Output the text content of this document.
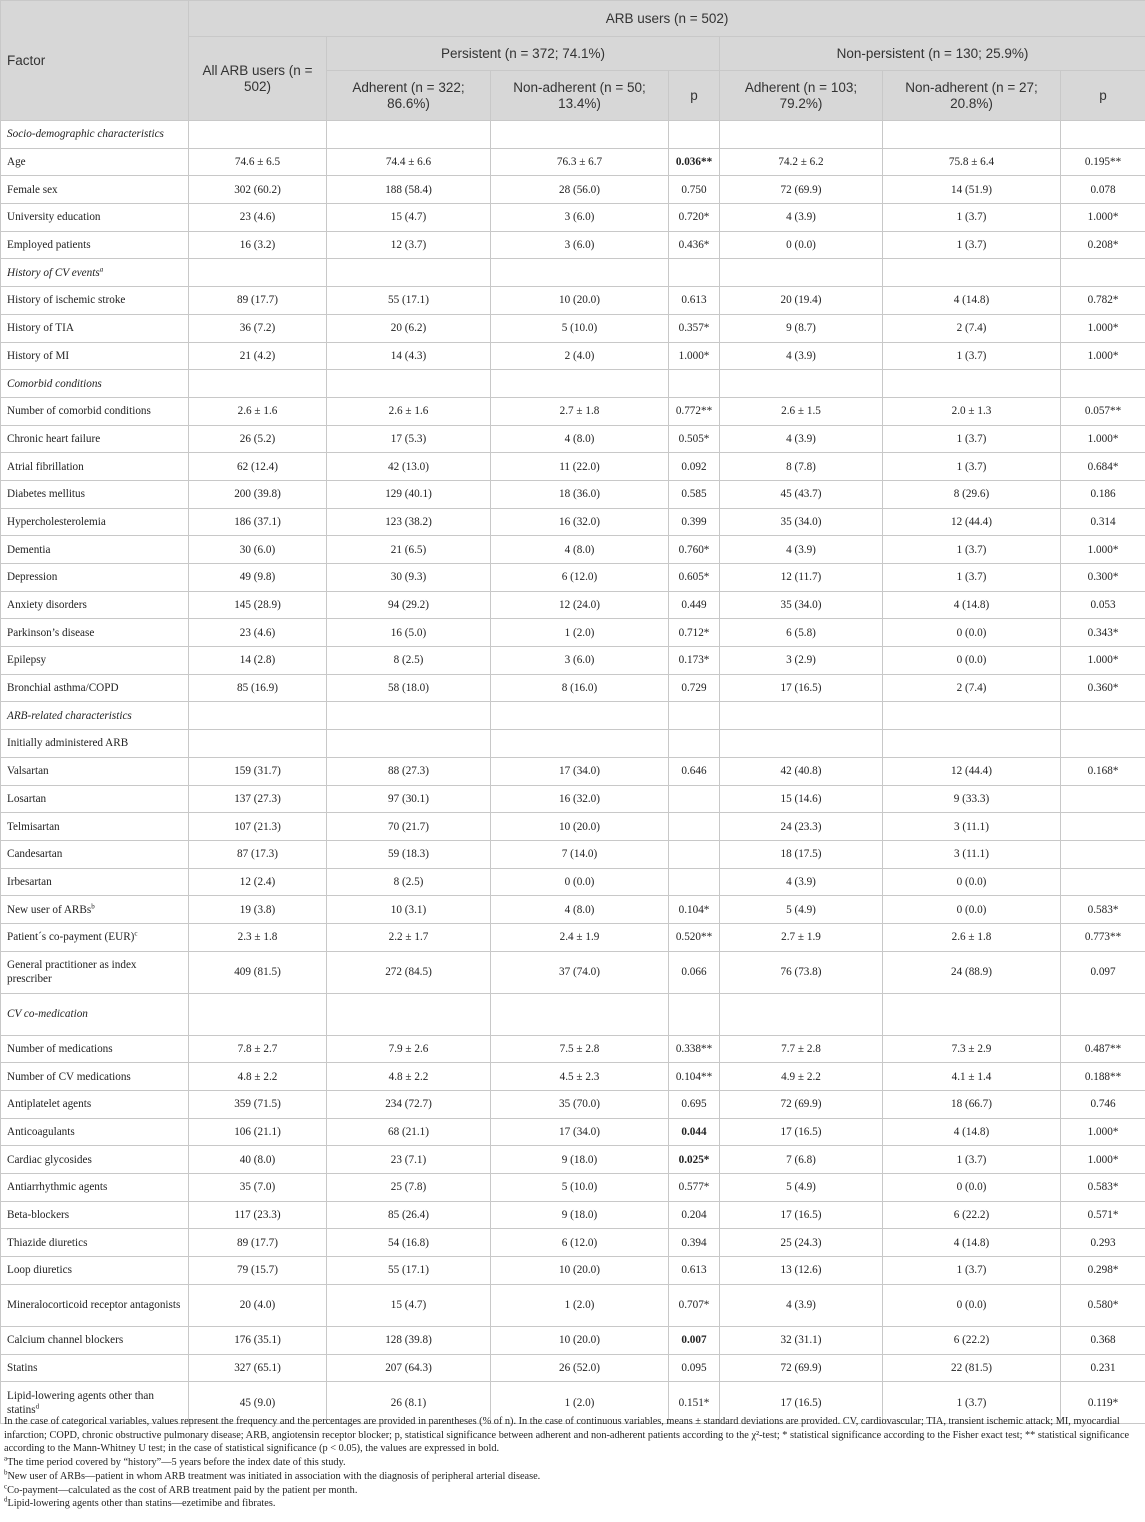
Factor	ARB users (n = 502)						
	All ARB users (n = 502)	Persistent (n = 372; 74.1%)			Non-persistent (n = 130; 25.9%)		
		Adherent (n = 322; 86.6%)	Non-adherent (n = 50; 13.4%)	p	Adherent (n = 103; 79.2%)	Non-adherent (n = 27; 20.8%)	p
Socio-demographic characteristics							
Age	74.6 ± 6.5	74.4 ± 6.6	76.3 ± 6.7	0.036**	74.2 ± 6.2	75.8 ± 6.4	0.195**
Female sex	302 (60.2)	188 (58.4)	28 (56.0)	0.750	72 (69.9)	14 (51.9)	0.078
University education	23 (4.6)	15 (4.7)	3 (6.0)	0.720*	4 (3.9)	1 (3.7)	1.000*
Employed patients	16 (3.2)	12 (3.7)	3 (6.0)	0.436*	0 (0.0)	1 (3.7)	0.208*
History of CV events$^a$							
History of ischemic stroke	89 (17.7)	55 (17.1)	10 (20.0)	0.613	20 (19.4)	4 (14.8)	0.782*
History of TIA	36 (7.2)	20 (6.2)	5 (10.0)	0.357*	9 (8.7)	2 (7.4)	1.000*
History of MI	21 (4.2)	14 (4.3)	2 (4.0)	1.000*	4 (3.9)	1 (3.7)	1.000*
Comorbid conditions							
Number of comorbid conditions	2.6 ± 1.6	2.6 ± 1.6	2.7 ± 1.8	0.772**	2.6 ± 1.5	2.0 ± 1.3	0.057**
Chronic heart failure	26 (5.2)	17 (5.3)	4 (8.0)	0.505*	4 (3.9)	1 (3.7)	1.000*
Atrial fibrillation	62 (12.4)	42 (13.0)	11 (22.0)	0.092	8 (7.8)	1 (3.7)	0.684*
Diabetes mellitus	200 (39.8)	129 (40.1)	18 (36.0)	0.585	45 (43.7)	8 (29.6)	0.186
Hypercholesterolemia	186 (37.1)	123 (38.2)	16 (32.0)	0.399	35 (34.0)	12 (44.4)	0.314
Dementia	30 (6.0)	21 (6.5)	4 (8.0)	0.760*	4 (3.9)	1 (3.7)	1.000*
Depression	49 (9.8)	30 (9.3)	6 (12.0)	0.605*	12 (11.7)	1 (3.7)	0.300*
Anxiety disorders	145 (28.9)	94 (29.2)	12 (24.0)	0.449	35 (34.0)	4 (14.8)	0.053
Parkinson’s disease	23 (4.6)	16 (5.0)	1 (2.0)	0.712*	6 (5.8)	0 (0.0)	0.343*
Epilepsy	14 (2.8)	8 (2.5)	3 (6.0)	0.173*	3 (2.9)	0 (0.0)	1.000*
Bronchial asthma/COPD	85 (16.9)	58 (18.0)	8 (16.0)	0.729	17 (16.5)	2 (7.4)	0.360*
ARB-related characteristics							
Initially administered ARB							
Valsartan	159 (31.7)	88 (27.3)	17 (34.0)	0.646	42 (40.8)	12 (44.4)	0.168*
Losartan	137 (27.3)	97 (30.1)	16 (32.0)		15 (14.6)	9 (33.3)	
Telmisartan	107 (21.3)	70 (21.7)	10 (20.0)		24 (23.3)	3 (11.1)	
Candesartan	87 (17.3)	59 (18.3)	7 (14.0)		18 (17.5)	3 (11.1)	
Irbesartan	12 (2.4)	8 (2.5)	0 (0.0)		4 (3.9)	0 (0.0)	
New user of ARBs$^b$	19 (3.8)	10 (3.1)	4 (8.0)	0.104*	5 (4.9)	0 (0.0)	0.583*
Patient´s co-payment (EUR)$^c$	2.3 ± 1.8	2.2 ± 1.7	2.4 ± 1.9	0.520**	2.7 ± 1.9	2.6 ± 1.8	0.773**
General practitioner as index prescriber	409 (81.5)	272 (84.5)	37 (74.0)	0.066	76 (73.8)	24 (88.9)	0.097
CV co-medication							
Number of medications	7.8 ± 2.7	7.9 ± 2.6	7.5 ± 2.8	0.338**	7.7 ± 2.8	7.3 ± 2.9	0.487**
Number of CV medications	4.8 ± 2.2	4.8 ± 2.2	4.5 ± 2.3	0.104**	4.9 ± 2.2	4.1 ± 1.4	0.188**
Antiplatelet agents	359 (71.5)	234 (72.7)	35 (70.0)	0.695	72 (69.9)	18 (66.7)	0.746
Anticoagulants	106 (21.1)	68 (21.1)	17 (34.0)	0.044	17 (16.5)	4 (14.8)	1.000*
Cardiac glycosides	40 (8.0)	23 (7.1)	9 (18.0)	0.025*	7 (6.8)	1 (3.7)	1.000*
Antiarrhythmic agents	35 (7.0)	25 (7.8)	5 (10.0)	0.577*	5 (4.9)	0 (0.0)	0.583*
Beta-blockers	117 (23.3)	85 (26.4)	9 (18.0)	0.204	17 (16.5)	6 (22.2)	0.571*
Thiazide diuretics	89 (17.7)	54 (16.8)	6 (12.0)	0.394	25 (24.3)	4 (14.8)	0.293
Loop diuretics	79 (15.7)	55 (17.1)	10 (20.0)	0.613	13 (12.6)	1 (3.7)	0.298*
Mineralocorticoid receptor antagonists	20 (4.0)	15 (4.7)	1 (2.0)	0.707*	4 (3.9)	0 (0.0)	0.580*
Calcium channel blockers	176 (35.1)	128 (39.8)	10 (20.0)	0.007	32 (31.1)	6 (22.2)	0.368
Statins	327 (65.1)	207 (64.3)	26 (52.0)	0.095	72 (69.9)	22 (81.5)	0.231
Lipid-lowering agents other than statins$^d$	45 (9.0)	26 (8.1)	1 (2.0)	0.151*	17 (16.5)	1 (3.7)	0.119*

In the case of categorical variables, values represent the frequency and the percentages are provided in parentheses (% of n). In the case of continuous variables, means ± standard deviations are provided. CV, cardiovascular; TIA, transient ischemic attack; MI, myocardial infarction; COPD, chronic obstructive pulmonary disease; ARB, angiotensin receptor blocker; p, statistical significance between adherent and non-adherent patients according to the χ²-test; * statistical significance according to the Fisher exact test; ** statistical significance according to the Mann-Whitney U test; in the case of statistical significance (p < 0.05), the values are expressed in bold.

$^a$The time period covered by “history”—5 years before the index date of this study.

$^b$New user of ARBs—patient in whom ARB treatment was initiated in association with the diagnosis of peripheral arterial disease.

$^c$Co-payment—calculated as the cost of ARB treatment paid by the patient per month.

$^d$Lipid-lowering agents other than statins—ezetimibe and fibrates.
